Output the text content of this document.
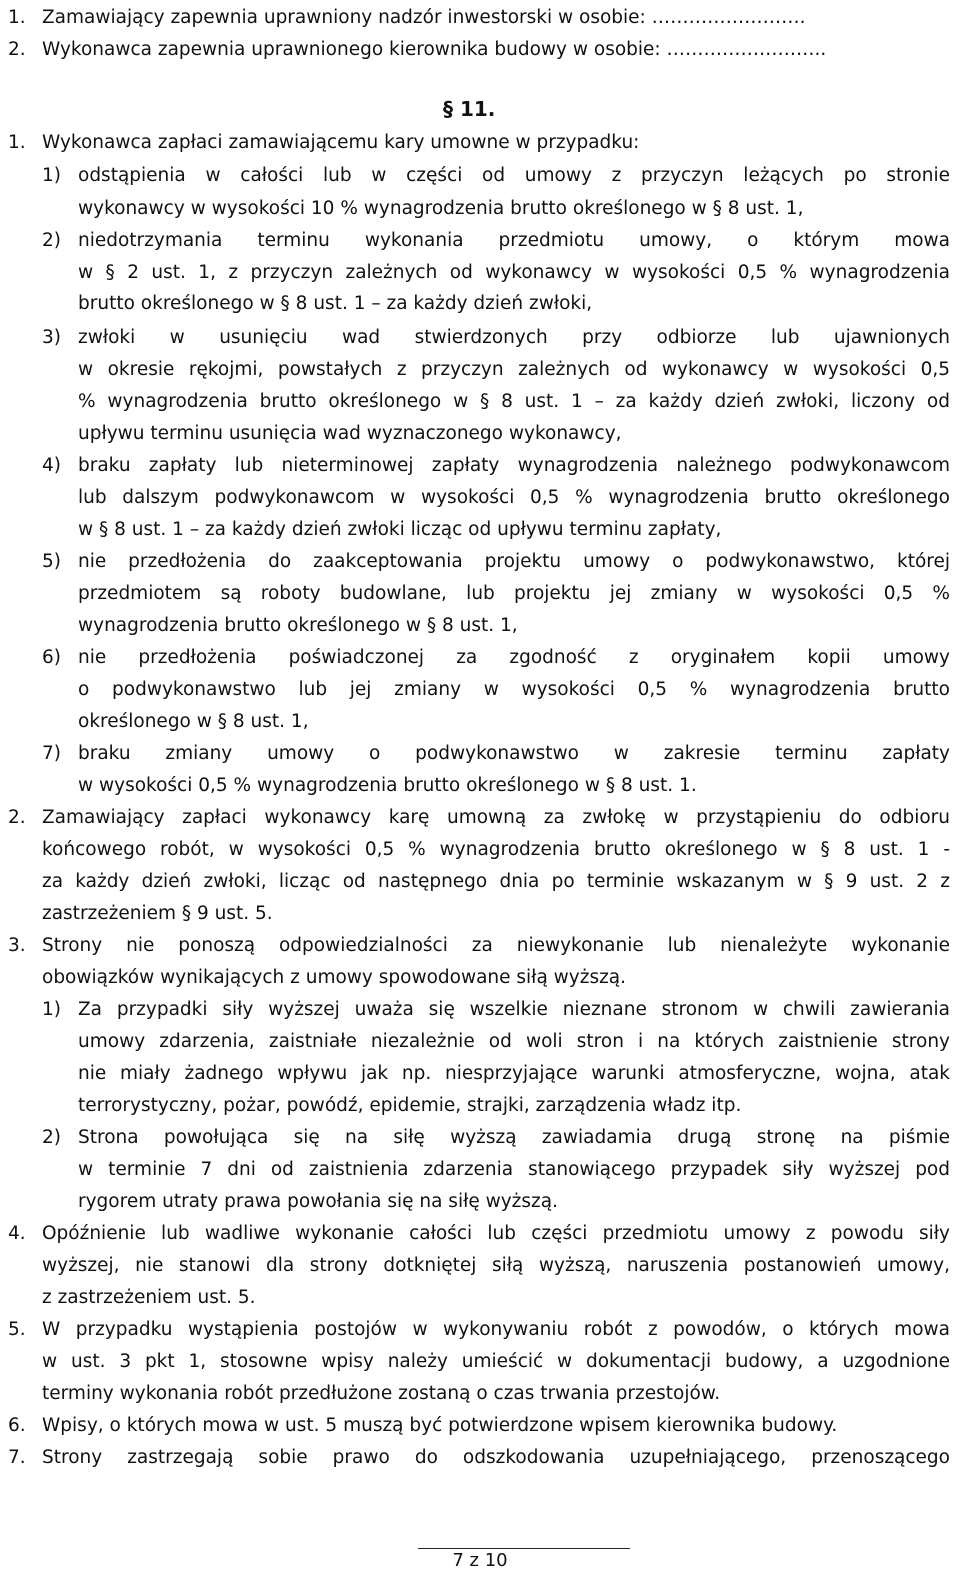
1. Zamawiający zapewnia uprawniony nadzór inwestorski w osobie: …………………….
2. Wykonawca zapewnia uprawnionego kierownika budowy w osobie: ……………………..
§ 11.
1. Wykonawca zapłaci zamawiającemu kary umowne w przypadku:
1) odstąpienia w całości lub w części od umowy z przyczyn leżących po stronie
wykonawcy w wysokości 10 % wynagrodzenia brutto określonego w § 8 ust. 1,
2) niedotrzymania terminu wykonania przedmiotu umowy, o którym mowa
w § 2 ust. 1, z przyczyn zależnych od wykonawcy w wysokości 0,5 % wynagrodzenia
brutto określonego w § 8 ust. 1 – za każdy dzień zwłoki,
3) zwłoki w usunięciu wad stwierdzonych przy odbiorze lub ujawnionych
w okresie rękojmi, powstałych z przyczyn zależnych od wykonawcy w wysokości 0,5
% wynagrodzenia brutto określonego w § 8 ust. 1 – za każdy dzień zwłoki, liczony od
upływu terminu usunięcia wad wyznaczonego wykonawcy,
4) braku zapłaty lub nieterminowej zapłaty wynagrodzenia należnego podwykonawcom
lub dalszym podwykonawcom w wysokości 0,5 % wynagrodzenia brutto określonego
w § 8 ust. 1 – za każdy dzień zwłoki licząc od upływu terminu zapłaty,
5) nie przedłożenia do zaakceptowania projektu umowy o podwykonawstwo, której
przedmiotem są roboty budowlane, lub projektu jej zmiany w wysokości 0,5 %
wynagrodzenia brutto określonego w § 8 ust. 1,
6) nie przedłożenia poświadczonej za zgodność z oryginałem kopii umowy
o podwykonawstwo lub jej zmiany w wysokości 0,5 % wynagrodzenia brutto
określonego w § 8 ust. 1,
7) braku zmiany umowy o podwykonawstwo w zakresie terminu zapłaty
w wysokości 0,5 % wynagrodzenia brutto określonego w § 8 ust. 1.
2. Zamawiający zapłaci wykonawcy karę umowną za zwłokę w przystąpieniu do odbioru
końcowego robót, w wysokości 0,5 % wynagrodzenia brutto określonego w § 8 ust. 1 -
za każdy dzień zwłoki, licząc od następnego dnia po terminie wskazanym w § 9 ust. 2 z
zastrzeżeniem § 9 ust. 5.
3. Strony nie ponoszą odpowiedzialności za niewykonanie lub nienależyte wykonanie
obowiązków wynikających z umowy spowodowane siłą wyższą.
1) Za przypadki siły wyższej uważa się wszelkie nieznane stronom w chwili zawierania
umowy zdarzenia, zaistniałe niezależnie od woli stron i na których zaistnienie strony
nie miały żadnego wpływu jak np. niesprzyjające warunki atmosferyczne, wojna, atak
terrorystyczny, pożar, powódź, epidemie, strajki, zarządzenia władz itp.
2) Strona powołująca się na siłę wyższą zawiadamia drugą stronę na piśmie
w terminie 7 dni od zaistnienia zdarzenia stanowiącego przypadek siły wyższej pod
rygorem utraty prawa powołania się na siłę wyższą.
4. Opóźnienie lub wadliwe wykonanie całości lub części przedmiotu umowy z powodu siły
wyższej, nie stanowi dla strony dotkniętej siłą wyższą, naruszenia postanowień umowy,
z zastrzeżeniem ust. 5.
5. W przypadku wystąpienia postojów w wykonywaniu robót z powodów, o których mowa
w ust. 3 pkt 1, stosowne wpisy należy umieścić w dokumentacji budowy, a uzgodnione
terminy wykonania robót przedłużone zostaną o czas trwania przestojów.
6. Wpisy, o których mowa w ust. 5 muszą być potwierdzone wpisem kierownika budowy.
7. Strony zastrzegają sobie prawo do odszkodowania uzupełniającego, przenoszącego
7 z 10
